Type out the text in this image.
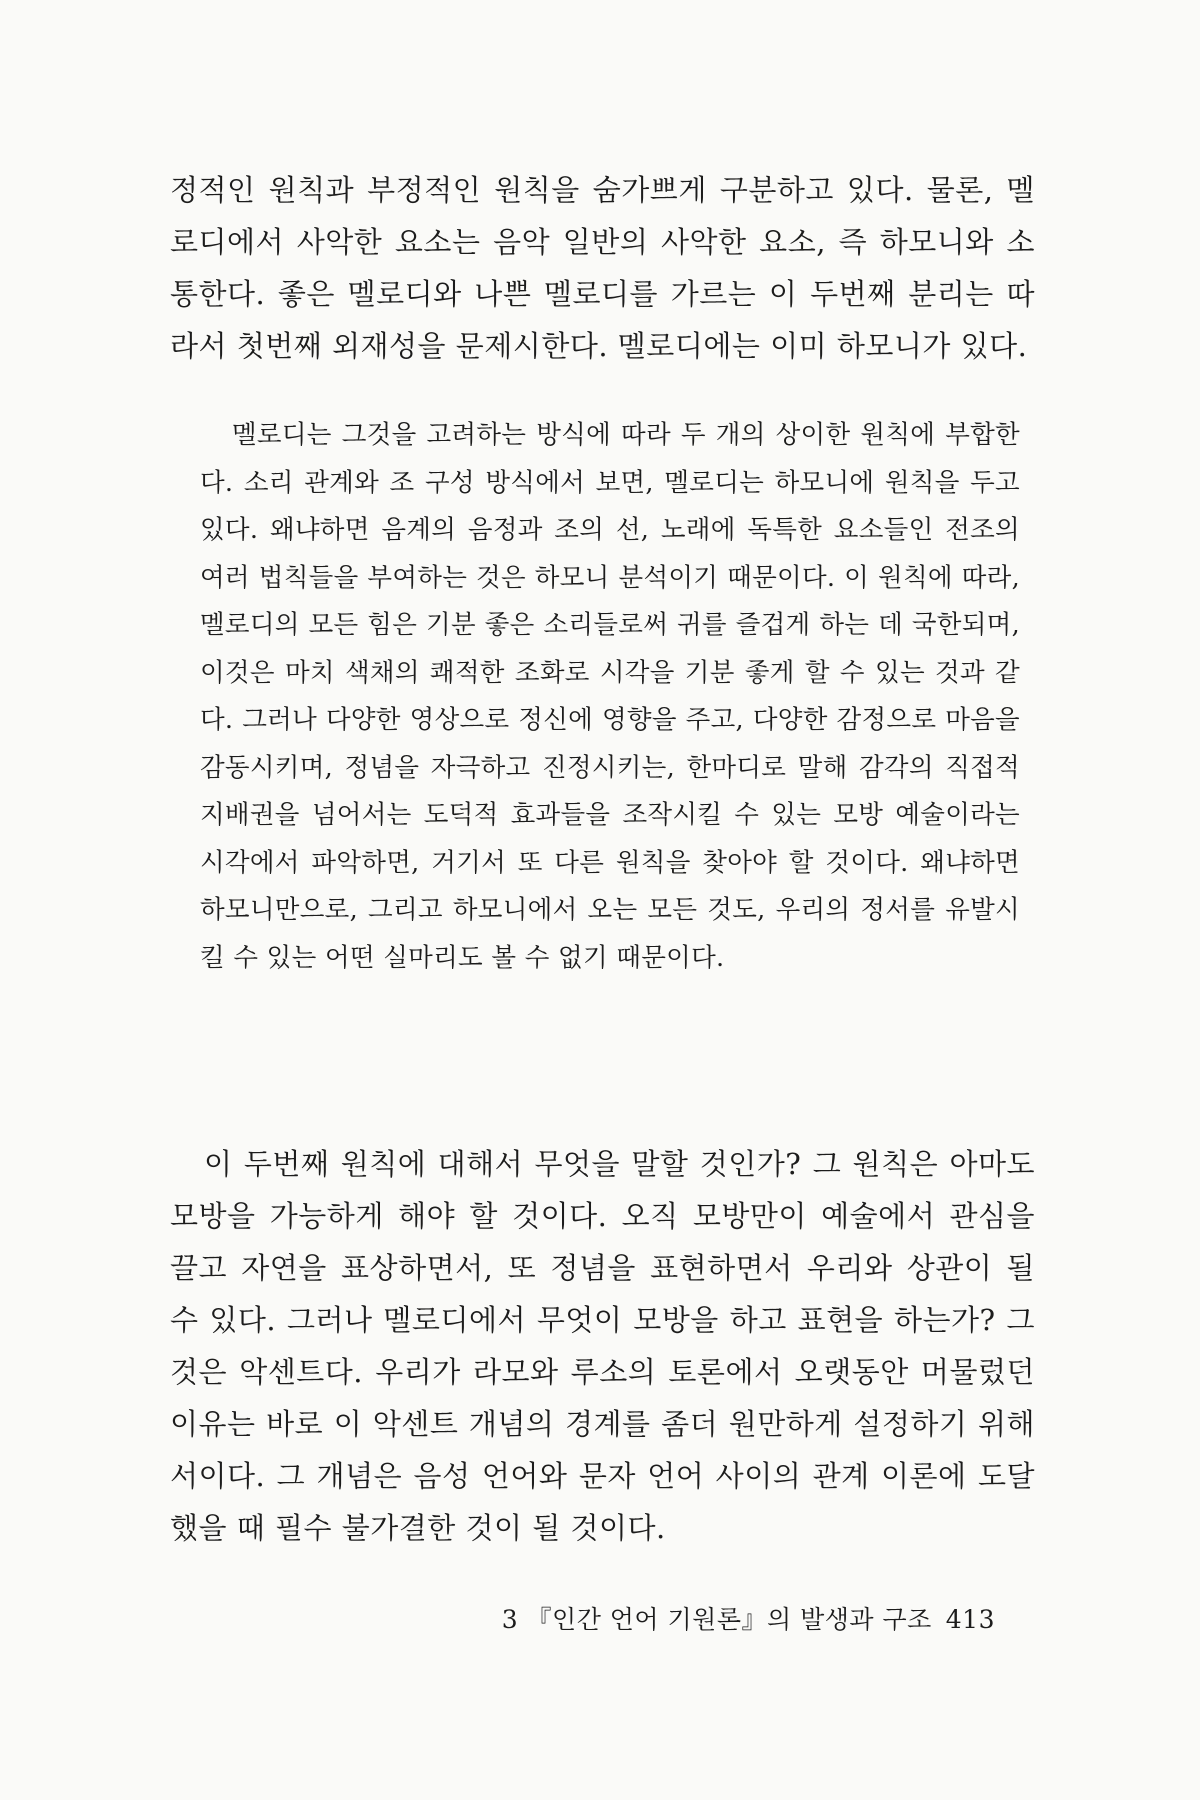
정적인 원칙과 부정적인 원칙을 숨가쁘게 구분하고 있다. 물론, 멜로디에서 사악한 요소는 음악 일반의 사악한 요소, 즉 하모니와 소통한다. 좋은 멜로디와 나쁜 멜로디를 가르는 이 두번째 분리는 따라서 첫번째 외재성을 문제시한다. 멜로디에는 이미 하모니가 있다.

멜로디는 그것을 고려하는 방식에 따라 두 개의 상이한 원칙에 부합한다. 소리 관계와 조 구성 방식에서 보면, 멜로디는 하모니에 원칙을 두고 있다. 왜냐하면 음계의 음정과 조의 선, 노래에 독특한 요소들인 전조의 여러 법칙들을 부여하는 것은 하모니 분석이기 때문이다. 이 원칙에 따라, 멜로디의 모든 힘은 기분 좋은 소리들로써 귀를 즐겁게 하는 데 국한되며, 이것은 마치 색채의 쾌적한 조화로 시각을 기분 좋게 할 수 있는 것과 같다. 그러나 다양한 영상으로 정신에 영향을 주고, 다양한 감정으로 마음을 감동시키며, 정념을 자극하고 진정시키는, 한마디로 말해 감각의 직접적 지배권을 넘어서는 도덕적 효과들을 조작시킬 수 있는 모방 예술이라는 시각에서 파악하면, 거기서 또 다른 원칙을 찾아야 할 것이다. 왜냐하면 하모니만으로, 그리고 하모니에서 오는 모든 것도, 우리의 정서를 유발시킬 수 있는 어떤 실마리도 볼 수 없기 때문이다.

이 두번째 원칙에 대해서 무엇을 말할 것인가? 그 원칙은 아마도 모방을 가능하게 해야 할 것이다. 오직 모방만이 예술에서 관심을 끌고 자연을 표상하면서, 또 정념을 표현하면서 우리와 상관이 될 수 있다. 그러나 멜로디에서 무엇이 모방을 하고 표현을 하는가? 그것은 악센트다. 우리가 라모와 루소의 토론에서 오랫동안 머물렀던 이유는 바로 이 악센트 개념의 경계를 좀더 원만하게 설정하기 위해서이다. 그 개념은 음성 언어와 문자 언어 사이의 관계 이론에 도달했을 때 필수 불가결한 것이 될 것이다.

3 『인간 언어 기원론』의 발생과 구조 413
